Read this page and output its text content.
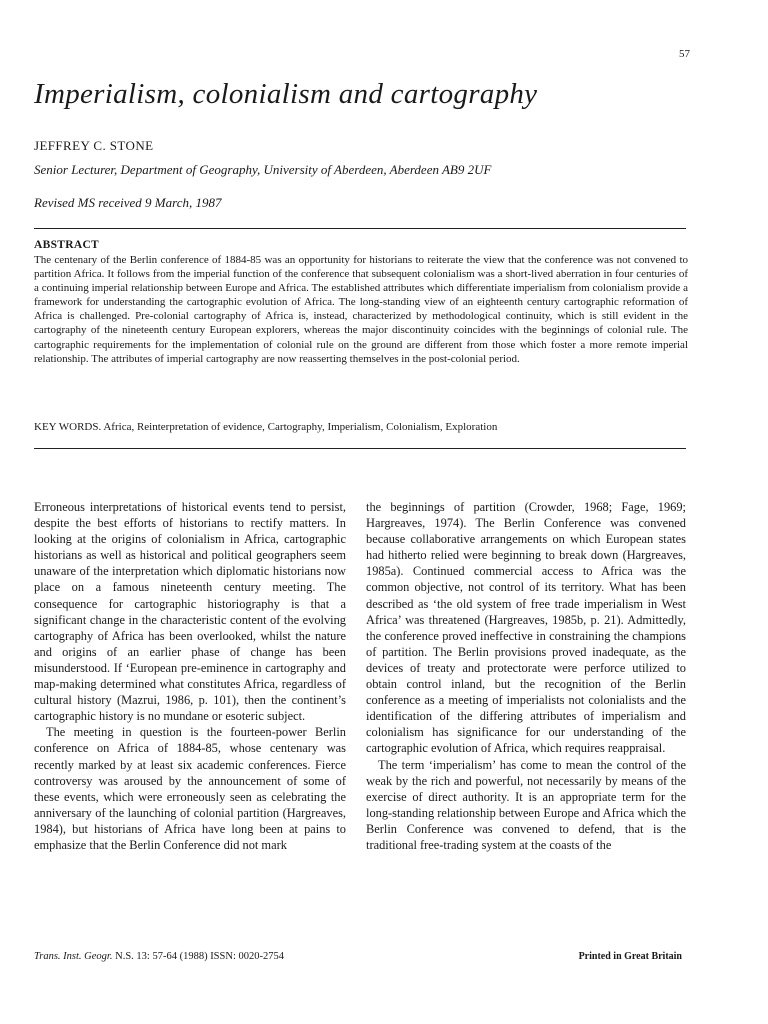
57
Imperialism, colonialism and cartography
JEFFREY C. STONE
Senior Lecturer, Department of Geography, University of Aberdeen, Aberdeen AB9 2UF
Revised MS received 9 March, 1987
ABSTRACT

The centenary of the Berlin conference of 1884-85 was an opportunity for historians to reiterate the view that the conference was not convened to partition Africa. It follows from the imperial function of the conference that subsequent colonialism was a short-lived aberration in four centuries of a continuing imperial relationship between Europe and Africa. The established attributes which differentiate imperialism from colonialism provide a framework for understanding the cartographic evolution of Africa. The long-standing view of an eighteenth century cartographic reformation of Africa is challenged. Pre-colonial cartography of Africa is, instead, characterized by methodological continuity, which is still evident in the cartography of the nineteenth century European explorers, whereas the major discontinuity coincides with the beginnings of colonial rule. The cartographic requirements for the implementation of colonial rule on the ground are different from those which foster a more remote imperial relationship. The attributes of imperial cartography are now reasserting themselves in the post-colonial period.

KEY WORDS. Africa, Reinterpretation of evidence, Cartography, Imperialism, Colonialism, Exploration

Erroneous interpretations of historical events tend to persist, despite the best efforts of historians to rectify matters. In looking at the origins of colonialism in Africa, cartographic historians as well as historical and political geographers seem unaware of the interpretation which diplomatic historians now place on a famous nineteenth century meeting. The consequence for cartographic historiography is that a significant change in the characteristic content of the evolving cartography of Africa has been overlooked, whilst the nature and origins of an earlier phase of change has been misunderstood. If ‘European pre-eminence in cartography and map-making determined what constitutes Africa, regardless of cultural history (Mazrui, 1986, p. 101), then the continent’s cartographic history is no mundane or esoteric subject.

The meeting in question is the fourteen-power Berlin conference on Africa of 1884-85, whose centenary was recently marked by at least six academic conferences. Fierce controversy was aroused by the announcement of some of these events, which were erroneously seen as celebrating the anniversary of the launching of colonial partition (Hargreaves, 1984), but historians of Africa have long been at pains to emphasize that the Berlin Conference did not mark

the beginnings of partition (Crowder, 1968; Fage, 1969; Hargreaves, 1974). The Berlin Conference was convened because collaborative arrangements on which European states had hitherto relied were beginning to break down (Hargreaves, 1985a). Continued commercial access to Africa was the common objective, not control of its territory. What has been described as ‘the old system of free trade imperialism in West Africa’ was threatened (Hargreaves, 1985b, p. 21). Admittedly, the conference proved ineffective in constraining the champions of partition. The Berlin provisions proved inadequate, as the devices of treaty and protectorate were perforce utilized to obtain control inland, but the recognition of the Berlin conference as a meeting of imperialists not colonialists and the identification of the differing attributes of imperialism and colonialism has significance for our understanding of the cartographic evolution of Africa, which requires reappraisal.

The term ‘imperialism’ has come to mean the control of the weak by the rich and powerful, not necessarily by means of the exercise of direct authority. It is an appropriate term for the long-standing relationship between Europe and Africa which the Berlin Conference was convened to defend, that is the traditional free-trading system at the coasts of the

Trans. Inst. Geogr. N.S. 13: 57-64 (1988) ISSN: 0020-2754	Printed in Great Britain
